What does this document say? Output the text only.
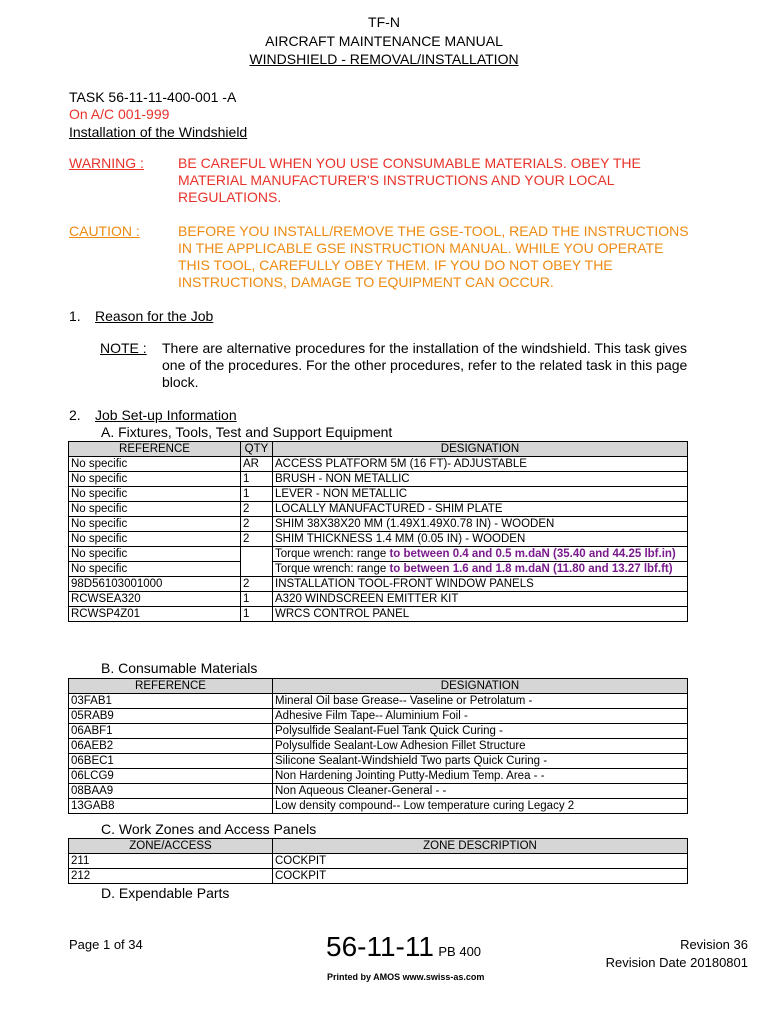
TF-N
AIRCRAFT MAINTENANCE MANUAL
WINDSHIELD - REMOVAL/INSTALLATION
TASK 56-11-11-400-001 -A
On A/C 001-999
Installation of the Windshield
WARNING : BE CAREFUL WHEN YOU USE CONSUMABLE MATERIALS. OBEY THE
MATERIAL MANUFACTURER'S INSTRUCTIONS AND YOUR LOCAL
REGULATIONS.
CAUTION :	BEFORE YOU INSTALL/REMOVE THE GSE-TOOL, READ THE INSTRUCTIONS
IN THE APPLICABLE GSE INSTRUCTION MANUAL. WHILE YOU OPERATE
THIS TOOL, CAREFULLY OBEY THEM. IF YOU DO NOT OBEY THE
INSTRUCTIONS, DAMAGE TO EQUIPMENT CAN OCCUR.
1. Reason for the Job
NOTE : There are alternative procedures for the installation of the windshield. This task gives
one of the procedures. For the other procedures, refer to the related task in this page
block.
2. Job Set-up Information
A. Fixtures, Tools, Test and Support Equipment
REFERENCE	QTY	DESIGNATION
No specific	AR	ACCESS PLATFORM 5M (16 FT)- ADJUSTABLE
No specific	1	BRUSH - NON METALLIC
No specific	1	LEVER - NON METALLIC
No specific	2	LOCALLY MANUFACTURED - SHIM PLATE
No specific	2	SHIM 38X38X20 MM (1.49X1.49X0.78 IN) - WOODEN
No specific	2	SHIM THICKNESS 1.4 MM (0.05 IN) - WOODEN
No specific		Torque wrench: range to between 0.4 and 0.5 m.daN (35.40 and 44.25 lbf.in)
No specific		Torque wrench: range to between 1.6 and 1.8 m.daN (11.80 and 13.27 lbf.ft)
98D56103001000	2	INSTALLATION TOOL-FRONT WINDOW PANELS
RCWSEA320	1	A320 WINDSCREEN EMITTER KIT
RCWSP4Z01	1	WRCS CONTROL PANEL
B. Consumable Materials
REFERENCE	DESIGNATION
03FAB1	Mineral Oil base Grease-- Vaseline or Petrolatum -
05RAB9	Adhesive Film Tape-- Aluminium Foil -
06ABF1	Polysulfide Sealant-Fuel Tank Quick Curing -
06AEB2	Polysulfide Sealant-Low Adhesion Fillet Structure
06BEC1	Silicone Sealant-Windshield Two parts Quick Curing -
06LCG9	Non Hardening Jointing Putty-Medium Temp. Area - -
08BAA9	Non Aqueous Cleaner-General - -
13GAB8	Low density compound-- Low temperature curing Legacy 2
C. Work Zones and Access Panels
ZONE/ACCESS	ZONE DESCRIPTION
211	COCKPIT
212	COCKPIT
D. Expendable Parts
Page 1 of 34	56-11-11 PB 400
Printed by AMOS www.swiss-as.com
Revision 36
Revision Date 20180801
